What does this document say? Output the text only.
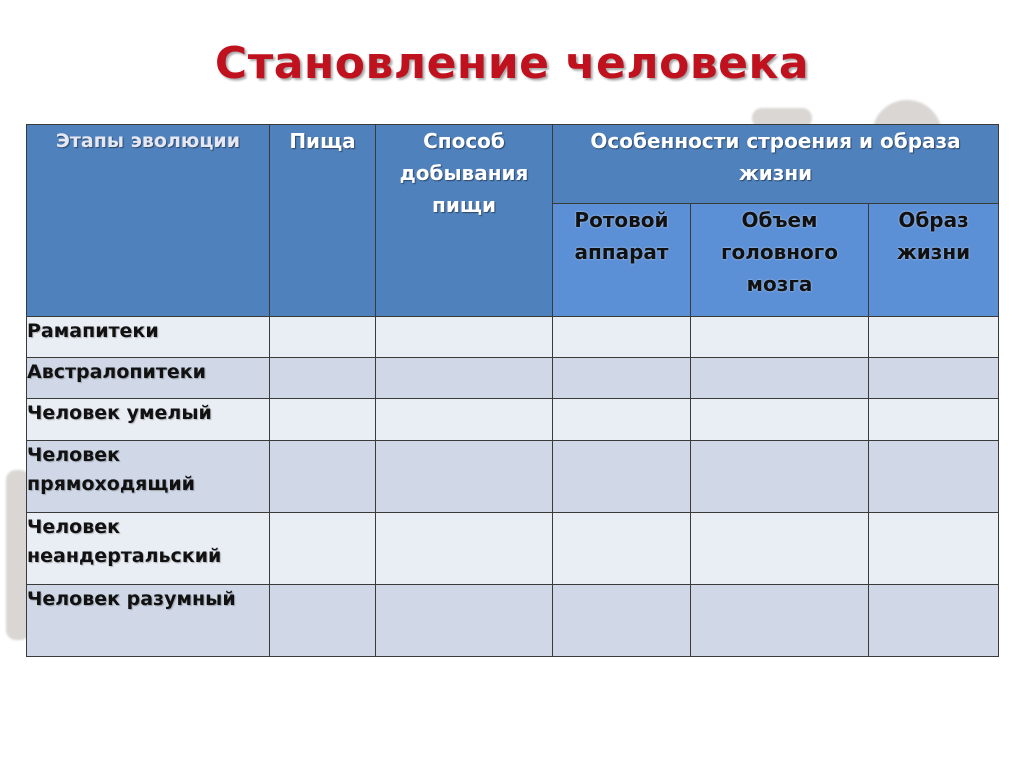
Становление человека
Этапы эволюции	Пища	Способ добывания пищи	Особенности строения и образа жизни		
			Ротовой аппарат	Объем головного мозга	Образ жизни
Рамапитеки					
Австралопитеки					
Человек умелый					
Человек прямоходящий					
Человек неандертальский					
Человек разумный					
